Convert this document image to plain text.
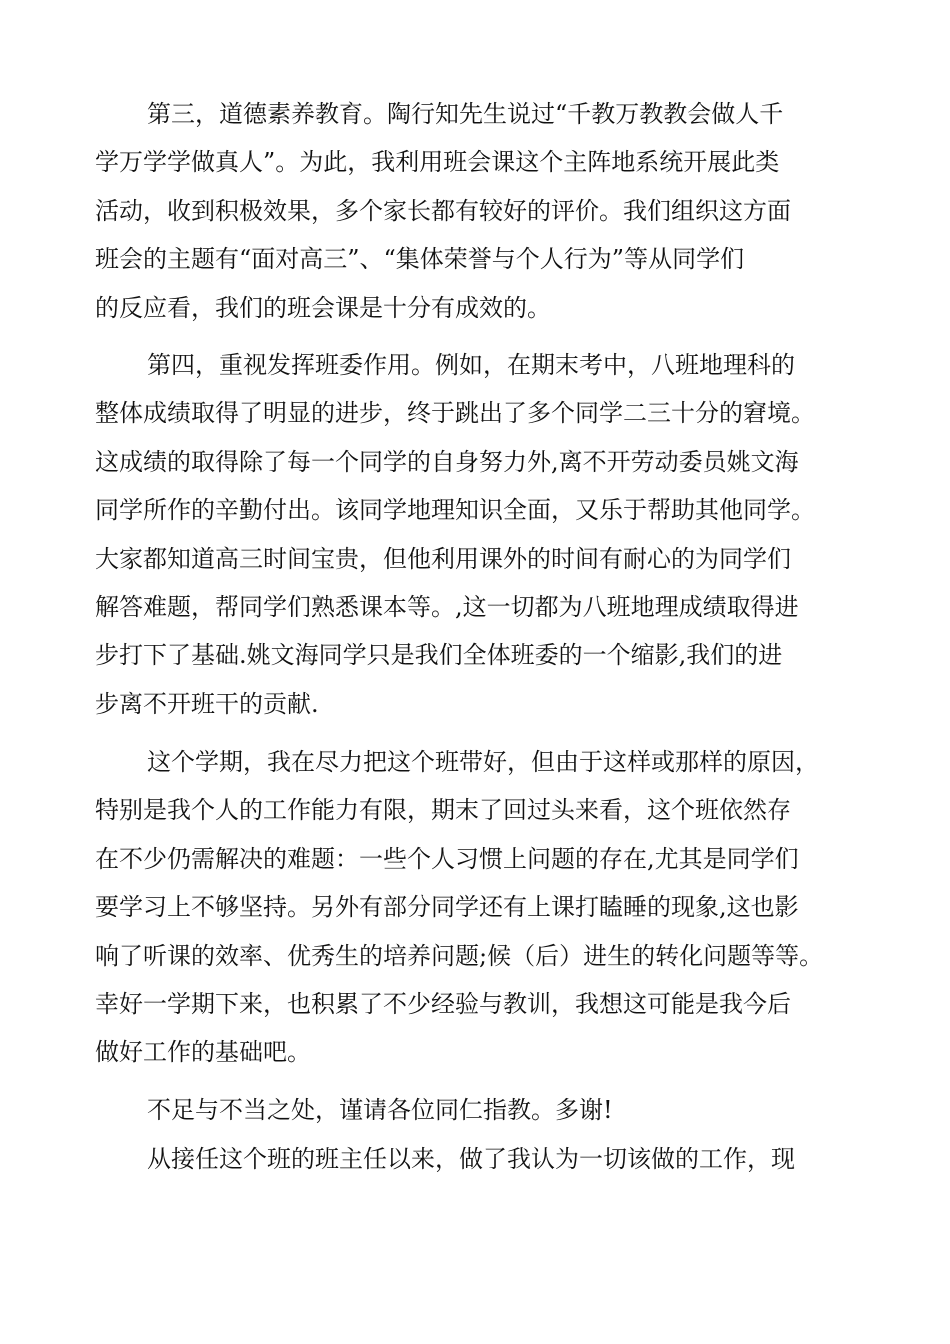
第三，道德素养教育。陶行知先生说过“千教万教教会做人千
学万学学做真人”。为此，我利用班会课这个主阵地系统开展此类
活动，收到积极效果，多个家长都有较好的评价。我们组织这方面
班会的主题有“面对高三”、“集体荣誉与个人行为”等从同学们
的反应看，我们的班会课是十分有成效的。

第四，重视发挥班委作用。例如，在期末考中，八班地理科的
整体成绩取得了明显的进步，终于跳出了多个同学二三十分的窘境。
这成绩的取得除了每一个同学的自身努力外,离不开劳动委员姚文海
同学所作的辛勤付出。该同学地理知识全面，又乐于帮助其他同学。
大家都知道高三时间宝贵，但他利用课外的时间有耐心的为同学们
解答难题，帮同学们熟悉课本等。,这一切都为八班地理成绩取得进
步打下了基础.姚文海同学只是我们全体班委的一个缩影,我们的进
步离不开班干的贡献.

这个学期，我在尽力把这个班带好，但由于这样或那样的原因，
特别是我个人的工作能力有限，期末了回过头来看，这个班依然存
在不少仍需解决的难题：一些个人习惯上问题的存在,尤其是同学们
要学习上不够坚持。另外有部分同学还有上课打瞌睡的现象,这也影
响了听课的效率、优秀生的培养问题;候（后）进生的转化问题等等。
幸好一学期下来，也积累了不少经验与教训，我想这可能是我今后
做好工作的基础吧。

不足与不当之处，谨请各位同仁指教。多谢!

从接任这个班的班主任以来，做了我认为一切该做的工作，现
